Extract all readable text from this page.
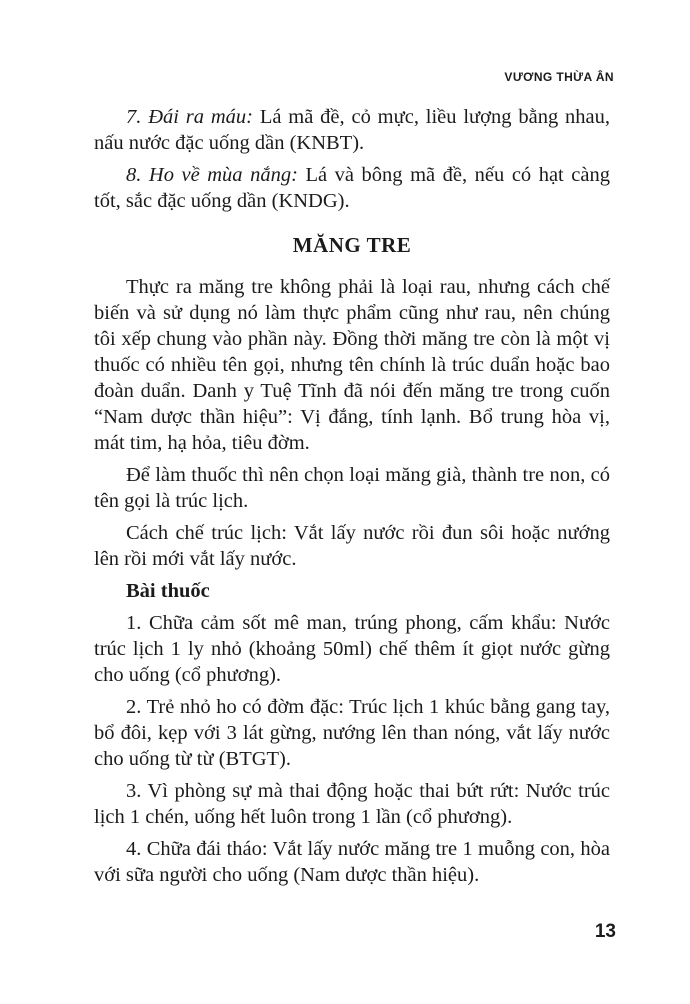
VƯƠNG THỪA ÂN

7. Đái ra máu: Lá mã đề, cỏ mực, liều lượng bằng nhau, nấu nước đặc uống dần (KNBT).

8. Ho về mùa nắng: Lá và bông mã đề, nếu có hạt càng tốt, sắc đặc uống dần (KNDG).

MĂNG TRE

Thực ra măng tre không phải là loại rau, nhưng cách chế biến và sử dụng nó làm thực phẩm cũng như rau, nên chúng tôi xếp chung vào phần này. Đồng thời măng tre còn là một vị thuốc có nhiều tên gọi, nhưng tên chính là trúc duẩn hoặc bao đoàn duẩn. Danh y Tuệ Tĩnh đã nói đến măng tre trong cuốn “Nam dược thần hiệu”: Vị đắng, tính lạnh. Bổ trung hòa vị, mát tim, hạ hỏa, tiêu đờm.

Để làm thuốc thì nên chọn loại măng già, thành tre non, có tên gọi là trúc lịch.

Cách chế trúc lịch: Vắt lấy nước rồi đun sôi hoặc nướng lên rồi mới vắt lấy nước.

Bài thuốc

1. Chữa cảm sốt mê man, trúng phong, cấm khẩu: Nước trúc lịch 1 ly nhỏ (khoảng 50ml) chế thêm ít giọt nước gừng cho uống (cổ phương).

2. Trẻ nhỏ ho có đờm đặc: Trúc lịch 1 khúc bằng gang tay, bổ đôi, kẹp với 3 lát gừng, nướng lên than nóng, vắt lấy nước cho uống từ từ (BTGT).

3. Vì phòng sự mà thai động hoặc thai bứt rứt: Nước trúc lịch 1 chén, uống hết luôn trong 1 lần (cổ phương).

4. Chữa đái tháo: Vắt lấy nước măng tre 1 muỗng con, hòa với sữa người cho uống (Nam dược thần hiệu).

13
